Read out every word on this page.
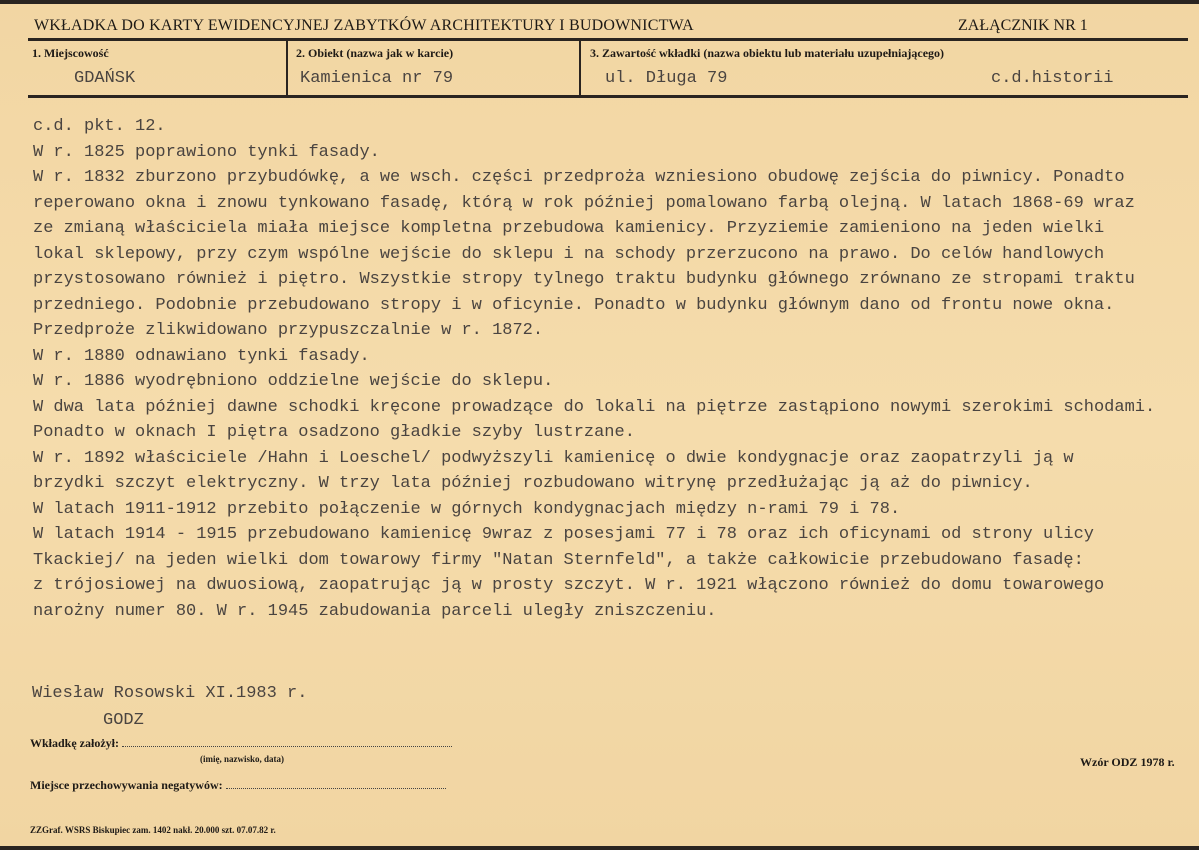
WKŁADKA DO KARTY EWIDENCYJNEJ ZABYTKÓW ARCHITEKTURY I BUDOWNICTWA	ZAŁĄCZNIK NR 1
1. Miejscowość
GDAŃSK
2. Obiekt (nazwa jak w karcie)
Kamienica nr 79
3. Zawartość wkładki (nazwa obiektu lub materiału uzupełniającego)
ul. Długa 79	c.d.historii
c.d. pkt. 12.
W r. 1825 poprawiono tynki fasady.
W r. 1832 zburzono przybudówkę, a we wsch. części przedproża wzniesiono obudowę zejścia do piwnicy. Ponadto
reperowano okna i znowu tynkowano fasadę, którą w rok później pomalowano farbą olejną. W latach 1868-69 wraz
ze zmianą właściciela miała miejsce kompletna przebudowa kamienicy. Przyziemie zamieniono na jeden wielki
lokal sklepowy, przy czym wspólne wejście do sklepu i na schody przerzucono na prawo. Do celów handlowych
przystosowano również i piętro. Wszystkie stropy tylnego traktu budynku głównego zrównano ze stropami traktu
przedniego. Podobnie przebudowano stropy i w oficynie. Ponadto w budynku głównym dano od frontu nowe okna.
Przedproże zlikwidowano przypuszczalnie w r. 1872.
W r. 1880 odnawiano tynki fasady.
W r. 1886 wyodrębniono oddzielne wejście do sklepu.
W dwa lata później dawne schodki kręcone prowadzące do lokali na piętrze zastąpiono nowymi szerokimi schodami.
Ponadto w oknach I piętra osadzono gładkie szyby lustrzane.
W r. 1892 właściciele /Hahn i Loeschel/ podwyższyli kamienicę o dwie kondygnacje oraz zaopatrzyli ją w
brzydki szczyt elektryczny. W trzy lata później rozbudowano witrynę przedłużając ją aż do piwnicy.
W latach 1911-1912 przebito połączenie w górnych kondygnacjach między n-rami 79 i 78.
W latach 1914 - 1915 przebudowano kamienicę 9wraz z posesjami 77 i 78 oraz ich oficynami od strony ulicy
Tkackiej/ na jeden wielki dom towarowy firmy "Natan Sternfeld", a także całkowicie przebudowano fasadę:
z trójosiowej na dwuosiową, zaopatrując ją w prosty szczyt. W r. 1921 włączono również do domu towarowego
narożny numer 80. W r. 1945 zabudowania parceli uległy zniszczeniu.
Wiesław Rosowski XI.1983 r.
GODZ
Wkładkę założył:
(imię, nazwisko, data)
Miejsce przechowywania negatywów:
Wzór ODZ 1978 r.
ZZGraf. WSRS Biskupiec zam. 1402 nakł. 20.000 szt. 07.07.82 r.
